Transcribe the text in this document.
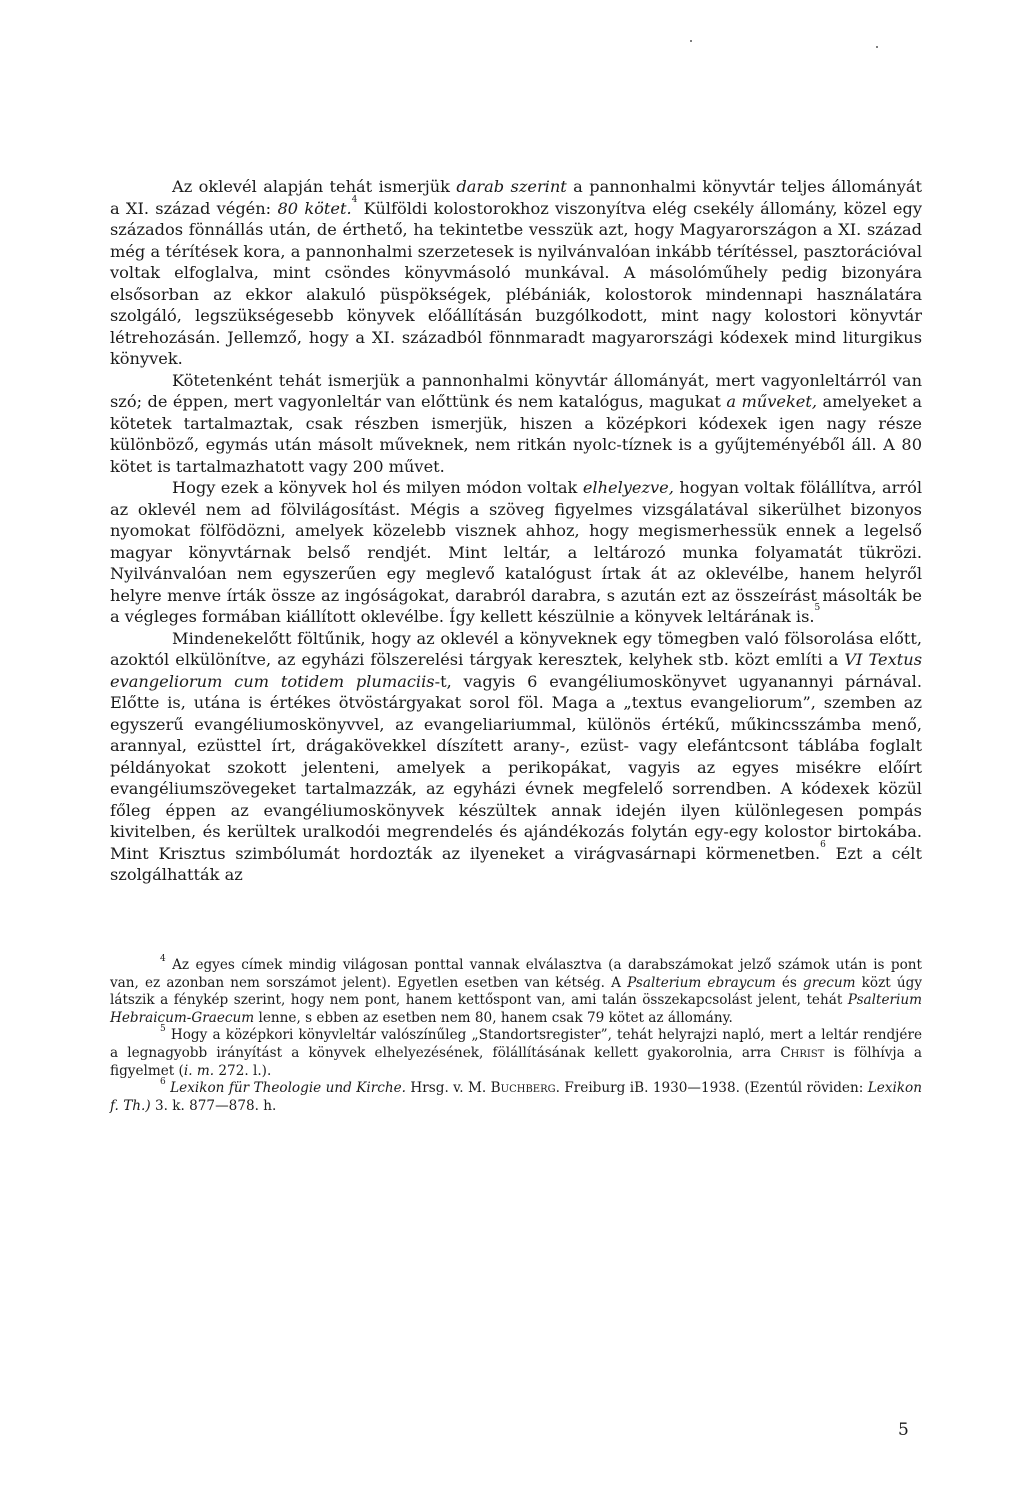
Az oklevél alapján tehát ismerjük darab szerint a pannonhalmi könyvtár teljes állományát a XI. század végén: 80 kötet.$^4$ Külföldi kolostorokhoz viszonyítva elég csekély állomány, közel egy százados fönnállás után, de érthető, ha tekintetbe vesszük azt, hogy Magyarországon a XI. század még a térítések kora, a pannonhalmi szerzetesek is nyilvánvalóan inkább térítéssel, pasztorációval voltak elfoglalva, mint csöndes könyvmásoló munkával. A másolóműhely pedig bizonyára elsősorban az ekkor alakuló püspökségek, plébániák, kolostorok mindennapi használatára szolgáló, legszükségesebb könyvek előállításán buzgólkodott, mint nagy kolostori könyvtár létrehozásán. Jellemző, hogy a XI. századból fönnmaradt magyarországi kódexek mind liturgikus könyvek.

Kötetenként tehát ismerjük a pannonhalmi könyvtár állományát, mert vagyonleltárról van szó; de éppen, mert vagyonleltár van előttünk és nem katalógus, magukat a műveket, amelyeket a kötetek tartalmaztak, csak részben ismerjük, hiszen a középkori kódexek igen nagy része különböző, egymás után másolt műveknek, nem ritkán nyolc-tíznek is a gyűjteményéből áll. A 80 kötet is tartalmazhatott vagy 200 művet.

Hogy ezek a könyvek hol és milyen módon voltak elhelyezve, hogyan voltak fölállítva, arról az oklevél nem ad fölvilágosítást. Mégis a szöveg figyelmes vizsgálatával sikerülhet bizonyos nyomokat fölfödözni, amelyek közelebb visznek ahhoz, hogy megismerhessük ennek a legelső magyar könyvtárnak belső rendjét. Mint leltár, a leltározó munka folyamatát tükrözi. Nyilvánvalóan nem egyszerűen egy meglevő katalógust írtak át az oklevélbe, hanem helyről helyre menve írták össze az ingóságokat, darabról darabra, s azután ezt az összeírást másolták be a végleges formában kiállított oklevélbe. Így kellett készülnie a könyvek leltárának is.$^5$

Mindenekelőtt föltűnik, hogy az oklevél a könyveknek egy tömegben való fölsorolása előtt, azoktól elkülönítve, az egyházi fölszerelési tárgyak keresztek, kelyhek stb. közt említi a VI Textus evangeliorum cum totidem plumaciis-t, vagyis 6 evangéliumoskönyvet ugyanannyi párnával. Előtte is, utána is értékes ötvöstárgyakat sorol föl. Maga a „textus evangeliorum”, szemben az egyszerű evangéliumoskönyvvel, az evangeliariummal, különös értékű, műkincsszámba menő, arannyal, ezüsttel írt, drágakövekkel díszített arany-, ezüst- vagy elefántcsont táblába foglalt példányokat szokott jelenteni, amelyek a perikopákat, vagyis az egyes misékre előírt evangéliumszövegeket tartalmazzák, az egyházi évnek megfelelő sorrendben. A kódexek közül főleg éppen az evangéliumoskönyvek készültek annak idején ilyen különlegesen pompás kivitelben, és kerültek uralkodói megrendelés és ajándékozás folytán egy-egy kolostor birtokába. Mint Krisztus szimbólumát hordozták az ilyeneket a virágvasárnapi körmenetben.$^6$ Ezt a célt szolgálhatták az

$^4$ Az egyes címek mindig világosan ponttal vannak elválasztva (a darabszámokat jelző számok után is pont van, ez azonban nem sorszámot jelent). Egyetlen esetben van kétség. A Psalterium ebraycum és grecum közt úgy látszik a fénykép szerint, hogy nem pont, hanem kettőspont van, ami talán összekapcsolást jelent, tehát Psalterium Hebraicum-Graecum lenne, s ebben az esetben nem 80, hanem csak 79 kötet az állomány.

$^5$ Hogy a középkori könyvleltár valószínűleg „Standortsregister”, tehát helyrajzi napló, mert a leltár rendjére a legnagyobb irányítást a könyvek elhelyezésének, fölállításának kellett gyakorolnia, arra Christ is fölhívja a figyelmet (i. m. 272. l.).

$^6$ Lexikon für Theologie und Kirche. Hrsg. v. M. Buchberg. Freiburg iB. 1930—1938. (Ezentúl röviden: Lexikon f. Th.) 3. k. 877—878. h.

5
